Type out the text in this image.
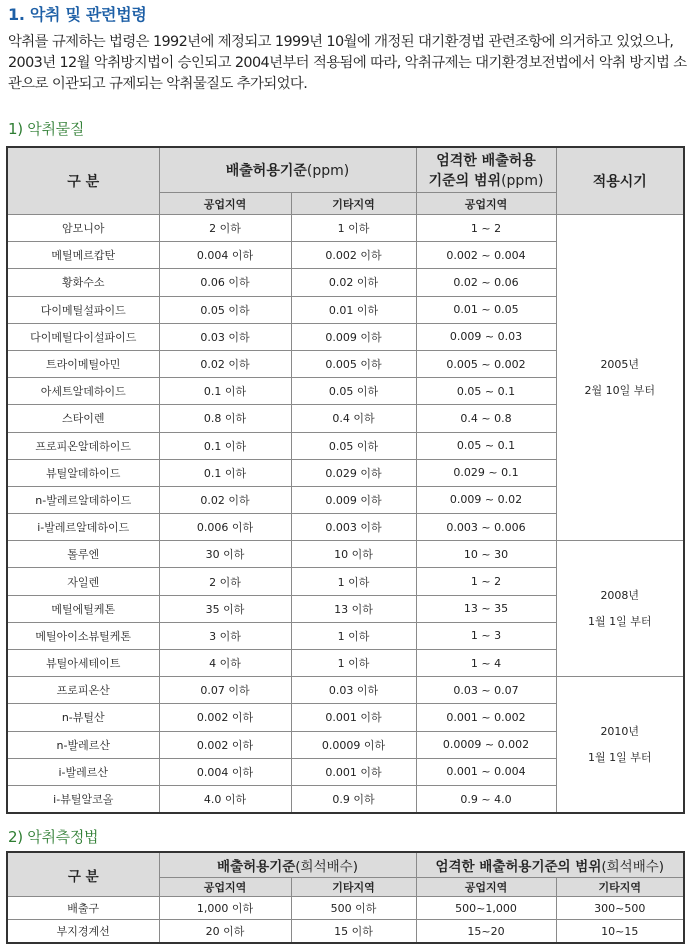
1. 악취 및 관련법령

악취를 규제하는 법령은 1992년에 제정되고 1999년 10월에 개정된 대기환경법 관련조항에 의거하고 있었으나, 2003년 12월 악취방지법이 승인되고 2004년부터 적용됨에 따라, 악취규제는 대기환경보전법에서 악취 방지법 소관으로 이관되고 규제되는 악취물질도 추가되었다.

1) 악취물질
구 분	배출허용기준(ppm)		엄격한 배출허용
기준의 범위(ppm)	적용시기
	공업지역	기타지역	공업지역	
암모니아	2 이하	1 이하	1 ~ 2	2005년
2월 10일 부터
메틸메르캅탄	0.004 이하	0.002 이하	0.002 ~ 0.004	
황화수소	0.06 이하	0.02 이하	0.02 ~ 0.06	
다이메틸설파이드	0.05 이하	0.01 이하	0.01 ~ 0.05	
다이메틸다이설파이드	0.03 이하	0.009 이하	0.009 ~ 0.03	
트라이메틸아민	0.02 이하	0.005 이하	0.005 ~ 0.002	
아세트알데하이드	0.1 이하	0.05 이하	0.05 ~ 0.1	
스타이렌	0.8 이하	0.4 이하	0.4 ~ 0.8	
프로피온알데하이드	0.1 이하	0.05 이하	0.05 ~ 0.1	
뷰틸알데하이드	0.1 이하	0.029 이하	0.029 ~ 0.1	
n-발레르알데하이드	0.02 이하	0.009 이하	0.009 ~ 0.02	
i-발레르알데하이드	0.006 이하	0.003 이하	0.003 ~ 0.006	
톨루엔	30 이하	10 이하	10 ~ 30	2008년
1월 1일 부터
자일렌	2 이하	1 이하	1 ~ 2	
메틸에틸케톤	35 이하	13 이하	13 ~ 35	
메틸아이소뷰틸케톤	3 이하	1 이하	1 ~ 3	
뷰틸아세테이트	4 이하	1 이하	1 ~ 4	
프로피온산	0.07 이하	0.03 이하	0.03 ~ 0.07	2010년
1월 1일 부터
n-뷰틸산	0.002 이하	0.001 이하	0.001 ~ 0.002	
n-발레르산	0.002 이하	0.0009 이하	0.0009 ~ 0.002	
i-발레르산	0.004 이하	0.001 이하	0.001 ~ 0.004	
i-뷰틸알코올	4.0 이하	0.9 이하	0.9 ~ 4.0	
2) 악취측정법
구 분	배출허용기준(희석배수)		엄격한 배출허용기준의 범위(희석배수)	
	공업지역	기타지역	공업지역	기타지역
배출구	1,000 이하	500 이하	500~1,000	300~500
부지경계선	20 이하	15 이하	15~20	10~15
